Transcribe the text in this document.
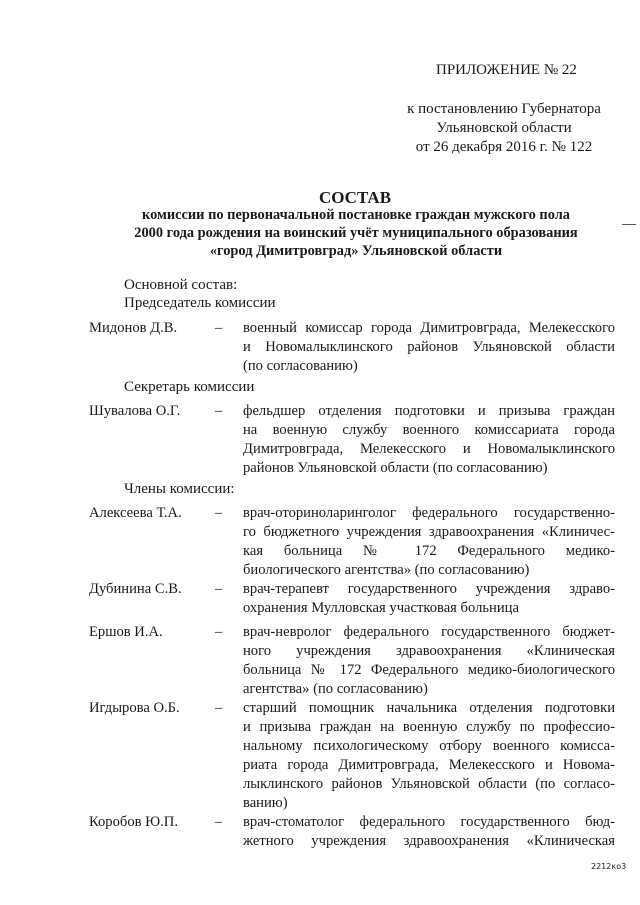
ПРИЛОЖЕНИЕ № 22
к постановлению Губернатора
Ульяновской области
от 26 декабря 2016 г. № 122
СОСТАВ
комиссии по первоначальной постановке граждан мужского пола
2000 года рождения на воинский учёт муниципального образования
«город Димитровград» Ульяновской области
Основной состав:
Председатель комиссии
Мидонов Д.В.	– военный комиссар города Димитровграда, Мелекесского
и Новомалыклинского районов Ульяновской области
(по согласованию)
Секретарь комиссии
Шувалова О.Г. – фельдшер отделения подготовки и призыва граждан
на военную службу военного комиссариата города
Димитровграда, Мелекесского и Новомалыклинского
районов Ульяновской области (по согласованию)
Члены комиссии:
Алексеева Т.А. – врач-оториноларинголог федерального государственно-
го бюджетного учреждения здравоохранения «Клиничес-
кая больница № 172 Федерального медико-
биологического агентства» (по согласованию)
Дубинина С.В. – врач-терапевт государственного учреждения здраво-
охранения Мулловская участковая больница
Ершов И.А.	– врач-невролог федерального государственного бюджет-
ного учреждения здравоохранения «Клиническая
больница № 172 Федерального медико-биологического
агентства» (по согласованию)
Игдырова О.Б. – старший помощник начальника отделения подготовки
и призыва граждан на военную службу по профессио-
нальному психологическому отбору военного комисса-
риата города Димитровграда, Мелекесского и Новома-
лыклинского районов Ульяновской области (по согласо-
ванию)
Коробов Ю.П.	– врач-стоматолог федерального государственного бюд-
жетного учреждения здравоохранения «Клиническая
2212ко3
